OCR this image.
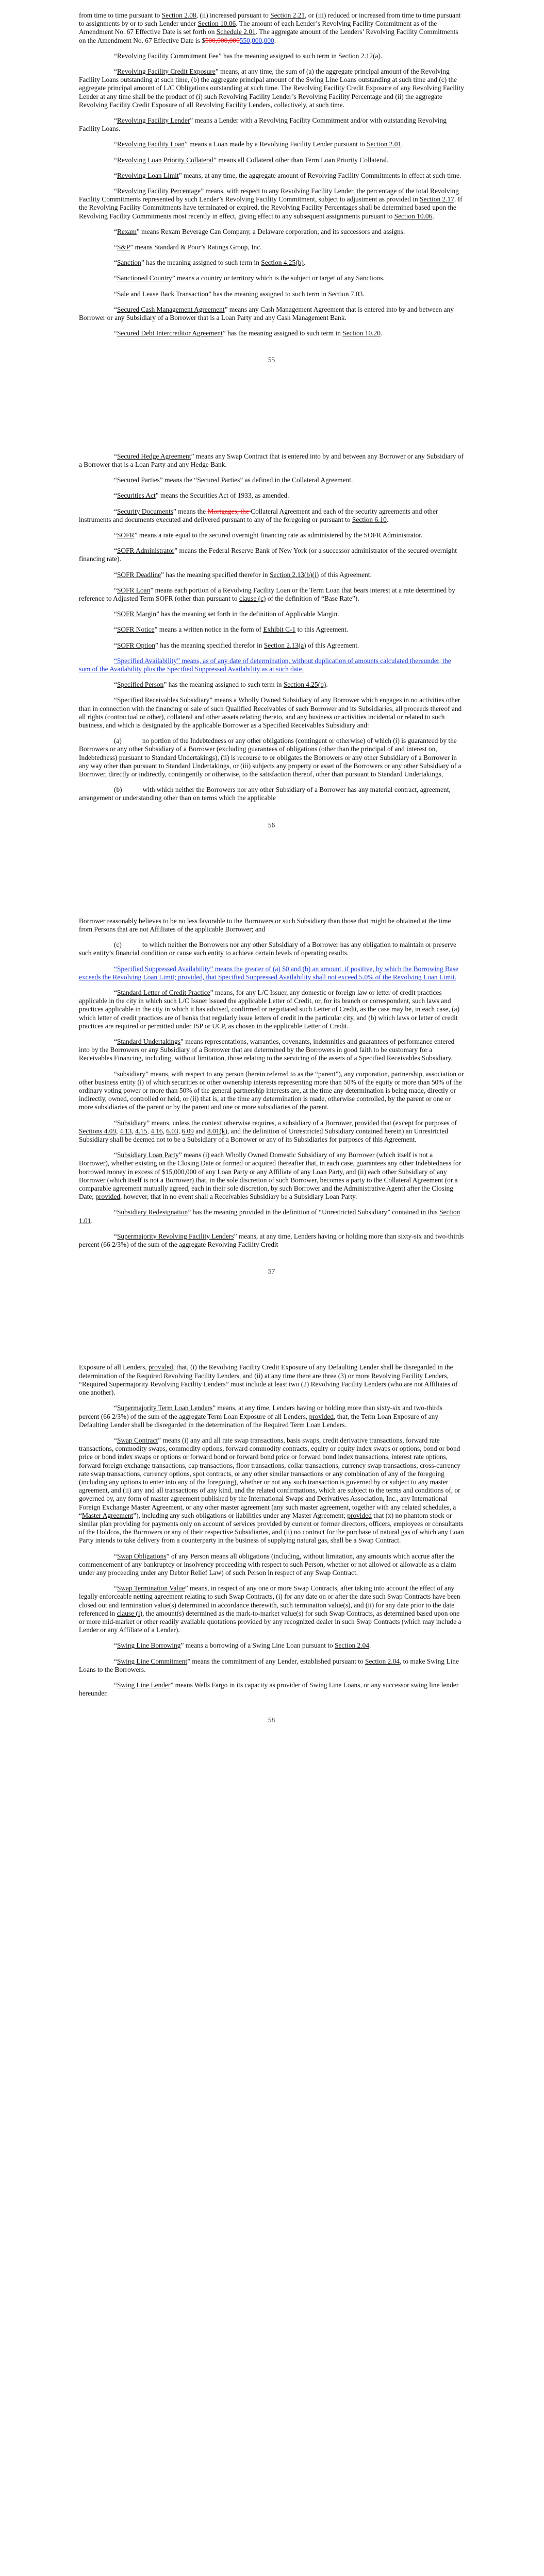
from time to time pursuant to Section 2.08, (ii) increased pursuant to Section 2.21, or (iii) reduced or increased from time to time pursuant to assignments by or to such Lender under Section 10.06. The amount of each Lender’s Revolving Facility Commitment as of the Amendment No. 67 Effective Date is set forth on Schedule 2.01. The aggregate amount of the Lenders’ Revolving Facility Commitments on the Amendment No. 67 Effective Date is $500,000,000550,000,000.

“Revolving Facility Commitment Fee” has the meaning assigned to such term in Section 2.12(a).

“Revolving Facility Credit Exposure” means, at any time, the sum of (a) the aggregate principal amount of the Revolving Facility Loans outstanding at such time, (b) the aggregate principal amount of the Swing Line Loans outstanding at such time and (c) the aggregate principal amount of L/C Obligations outstanding at such time. The Revolving Facility Credit Exposure of any Revolving Facility Lender at any time shall be the product of (i) such Revolving Facility Lender’s Revolving Facility Percentage and (ii) the aggregate Revolving Facility Credit Exposure of all Revolving Facility Lenders, collectively, at such time.

“Revolving Facility Lender” means a Lender with a Revolving Facility Commitment and/or with outstanding Revolving Facility Loans.

“Revolving Facility Loan” means a Loan made by a Revolving Facility Lender pursuant to Section 2.01.

“Revolving Loan Priority Collateral” means all Collateral other than Term Loan Priority Collateral.

“Revolving Loan Limit” means, at any time, the aggregate amount of Revolving Facility Commitments in effect at such time.

“Revolving Facility Percentage” means, with respect to any Revolving Facility Lender, the percentage of the total Revolving Facility Commitments represented by such Lender’s Revolving Facility Commitment, subject to adjustment as provided in Section 2.17. If the Revolving Facility Commitments have terminated or expired, the Revolving Facility Percentages shall be determined based upon the Revolving Facility Commitments most recently in effect, giving effect to any subsequent assignments pursuant to Section 10.06.

“Rexam” means Rexam Beverage Can Company, a Delaware corporation, and its successors and assigns.

“S&P” means Standard & Poor’s Ratings Group, Inc.

“Sanction” has the meaning assigned to such term in Section 4.25(b).

“Sanctioned Country” means a country or territory which is the subject or target of any Sanctions.

“Sale and Lease Back Transaction” has the meaning assigned to such term in Section 7.03.

“Secured Cash Management Agreement” means any Cash Management Agreement that is entered into by and between any Borrower or any Subsidiary of a Borrower that is a Loan Party and any Cash Management Bank.

“Secured Debt Intercreditor Agreement” has the meaning assigned to such term in Section 10.20.

55

“Secured Hedge Agreement” means any Swap Contract that is entered into by and between any Borrower or any Subsidiary of a Borrower that is a Loan Party and any Hedge Bank.

“Secured Parties” means the “Secured Parties” as defined in the Collateral Agreement.

“Securities Act” means the Securities Act of 1933, as amended.

“Security Documents” means the Mortgages, the Collateral Agreement and each of the security agreements and other instruments and documents executed and delivered pursuant to any of the foregoing or pursuant to Section 6.10.

“SOFR” means a rate equal to the secured overnight financing rate as administered by the SOFR Administrator.

“SOFR Administrator” means the Federal Reserve Bank of New York (or a successor administrator of the secured overnight financing rate).

“SOFR Deadline” has the meaning specified therefor in Section 2.13(b)(i) of this Agreement.

“SOFR Loan” means each portion of a Revolving Facility Loan or the Term Loan that bears interest at a rate determined by reference to Adjusted Term SOFR (other than pursuant to clause (c) of the definition of “Base Rate”).

“SOFR Margin” has the meaning set forth in the definition of Applicable Margin.

“SOFR Notice” means a written notice in the form of Exhibit C-1 to this Agreement.

“SOFR Option” has the meaning specified therefor in Section 2.13(a) of this Agreement.

“Specified Availability” means, as of any date of determination, without duplication of amounts calculated thereunder, the sum of the Availability plus the Specified Suppressed Availability as at such date.

“Specified Person” has the meaning assigned to such term in Section 4.25(b).

“Specified Receivables Subsidiary” means a Wholly Owned Subsidiary of any Borrower which engages in no activities other than in connection with the financing or sale of such Qualified Receivables of such Borrower and its Subsidiaries, all proceeds thereof and all rights (contractual or other), collateral and other assets relating thereto, and any business or activities incidental or related to such business, and which is designated by the applicable Borrower as a Specified Receivables Subsidiary and:

(a)	no portion of the Indebtedness or any other obligations (contingent or otherwise) of which (i) is guaranteed by the Borrowers or any other Subsidiary of a Borrower (excluding guarantees of obligations (other than the principal of and interest on, Indebtedness) pursuant to Standard Undertakings), (ii) is recourse to or obligates the Borrowers or any other Subsidiary of a Borrower in any way other than pursuant to Standard Undertakings, or (iii) subjects any property or asset of the Borrowers or any other Subsidiary of a Borrower, directly or indirectly, contingently or otherwise, to the satisfaction thereof, other than pursuant to Standard Undertakings,

(b)	with which neither the Borrowers nor any other Subsidiary of a Borrower has any material contract, agreement, arrangement or understanding other than on terms which the applicable

56

Borrower reasonably believes to be no less favorable to the Borrowers or such Subsidiary than those that might be obtained at the time from Persons that are not Affiliates of the applicable Borrower; and

(c)	to which neither the Borrowers nor any other Subsidiary of a Borrower has any obligation to maintain or preserve such entity’s financial condition or cause such entity to achieve certain levels of operating results.

“Specified Suppressed Availability” means the greater of (a) $0 and (b) an amount, if positive, by which the Borrowing Base exceeds the Revolving Loan Limit; provided, that Specified Suppressed Availability shall not exceed 5.0% of the Revolving Loan Limit.

“Standard Letter of Credit Practice” means, for any L/C Issuer, any domestic or foreign law or letter of credit practices applicable in the city in which such L/C Issuer issued the applicable Letter of Credit, or, for its branch or correspondent, such laws and practices applicable in the city in which it has advised, confirmed or negotiated such Letter of Credit, as the case may be, in each case, (a) which letter of credit practices are of banks that regularly issue letters of credit in the particular city, and (b) which laws or letter of credit practices are required or permitted under ISP or UCP, as chosen in the applicable Letter of Credit.

“Standard Undertakings” means representations, warranties, covenants, indemnities and guarantees of performance entered into by the Borrowers or any Subsidiary of a Borrower that are determined by the Borrowers in good faith to be customary for a Receivables Financing, including, without limitation, those relating to the servicing of the assets of a Specified Receivables Subsidiary.

“subsidiary” means, with respect to any person (herein referred to as the “parent”), any corporation, partnership, association or other business entity (i) of which securities or other ownership interests representing more than 50% of the equity or more than 50% of the ordinary voting power or more than 50% of the general partnership interests are, at the time any determination is being made, directly or indirectly, owned, controlled or held, or (ii) that is, at the time any determination is made, otherwise controlled, by the parent or one or more subsidiaries of the parent or by the parent and one or more subsidiaries of the parent.

“Subsidiary” means, unless the context otherwise requires, a subsidiary of a Borrower, provided that (except for purposes of Sections 4.09, 4.13, 4.15, 4.16, 6.03, 6.09 and 8.01(k), and the definition of Unrestricted Subsidiary contained herein) an Unrestricted Subsidiary shall be deemed not to be a Subsidiary of a Borrower or any of its Subsidiaries for purposes of this Agreement.

“Subsidiary Loan Party” means (i) each Wholly Owned Domestic Subsidiary of any Borrower (which itself is not a Borrower), whether existing on the Closing Date or formed or acquired thereafter that, in each case, guarantees any other Indebtedness for borrowed money in excess of $15,000,000 of any Loan Party or any Affiliate of any Loan Party, and (ii) each other Subsidiary of any Borrower (which itself is not a Borrower) that, in the sole discretion of such Borrower, becomes a party to the Collateral Agreement (or a comparable agreement mutually agreed, each in their sole discretion, by such Borrower and the Administrative Agent) after the Closing Date; provided, however, that in no event shall a Receivables Subsidiary be a Subsidiary Loan Party.

“Subsidiary Redesignation” has the meaning provided in the definition of “Unrestricted Subsidiary” contained in this Section 1.01.

“Supermajority Revolving Facility Lenders” means, at any time, Lenders having or holding more than sixty-six and two-thirds percent (66 2/3%) of the sum of the aggregate Revolving Facility Credit

57

Exposure of all Lenders, provided, that, (i) the Revolving Facility Credit Exposure of any Defaulting Lender shall be disregarded in the determination of the Required Revolving Facility Lenders, and (ii) at any time there are three (3) or more Revolving Facility Lenders, “Required Supermajority Revolving Facility Lenders” must include at least two (2) Revolving Facility Lenders (who are not Affiliates of one another).

“Supermajority Term Loan Lenders” means, at any time, Lenders having or holding more than sixty-six and two-thirds percent (66 2/3%) of the sum of the aggregate Term Loan Exposure of all Lenders, provided, that, the Term Loan Exposure of any Defaulting Lender shall be disregarded in the determination of the Required Term Loan Lenders.

“Swap Contract” means (i) any and all rate swap transactions, basis swaps, credit derivative transactions, forward rate transactions, commodity swaps, commodity options, forward commodity contracts, equity or equity index swaps or options, bond or bond price or bond index swaps or options or forward bond or forward bond price or forward bond index transactions, interest rate options, forward foreign exchange transactions, cap transactions, floor transactions, collar transactions, currency swap transactions, cross-currency rate swap transactions, currency options, spot contracts, or any other similar transactions or any combination of any of the foregoing (including any options to enter into any of the foregoing), whether or not any such transaction is governed by or subject to any master agreement, and (ii) any and all transactions of any kind, and the related confirmations, which are subject to the terms and conditions of, or governed by, any form of master agreement published by the International Swaps and Derivatives Association, Inc., any International Foreign Exchange Master Agreement, or any other master agreement (any such master agreement, together with any related schedules, a “Master Agreement”), including any such obligations or liabilities under any Master Agreement; provided that (x) no phantom stock or similar plan providing for payments only on account of services provided by current or former directors, officers, employees or consultants of the Holdcos, the Borrowers or any of their respective Subsidiaries, and (ii) no contract for the purchase of natural gas of which any Loan Party intends to take delivery from a counterparty in the business of supplying natural gas, shall be a Swap Contract.

“Swap Obligations” of any Person means all obligations (including, without limitation, any amounts which accrue after the commencement of any bankruptcy or insolvency proceeding with respect to such Person, whether or not allowed or allowable as a claim under any proceeding under any Debtor Relief Law) of such Person in respect of any Swap Contract.

“Swap Termination Value” means, in respect of any one or more Swap Contracts, after taking into account the effect of any legally enforceable netting agreement relating to such Swap Contracts, (i) for any date on or after the date such Swap Contracts have been closed out and termination value(s) determined in accordance therewith, such termination value(s), and (ii) for any date prior to the date referenced in clause (i), the amount(s) determined as the mark-to-market value(s) for such Swap Contracts, as determined based upon one or more mid-market or other readily available quotations provided by any recognized dealer in such Swap Contracts (which may include a Lender or any Affiliate of a Lender).

“Swing Line Borrowing” means a borrowing of a Swing Line Loan pursuant to Section 2.04.

“Swing Line Commitment” means the commitment of any Lender, established pursuant to Section 2.04, to make Swing Line Loans to the Borrowers.

“Swing Line Lender” means Wells Fargo in its capacity as provider of Swing Line Loans, or any successor swing line lender hereunder.

58
